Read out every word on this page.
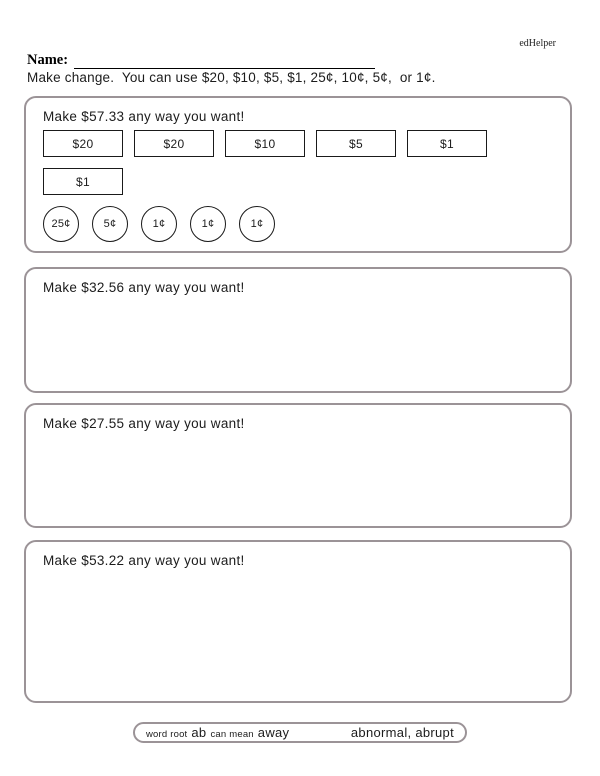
edHelper
Name:
Make change.  You can use $20, $10, $5, $1, 25¢, 10¢, 5¢,  or 1¢.
Make $57.33 any way you want!
$20	$20	$10	$5	$1
$1
25¢	5¢	1¢	1¢	1¢
Make $32.56 any way you want!
Make $27.55 any way you want!
Make $53.22 any way you want!
word root ab can mean away	abnormal, abrupt
